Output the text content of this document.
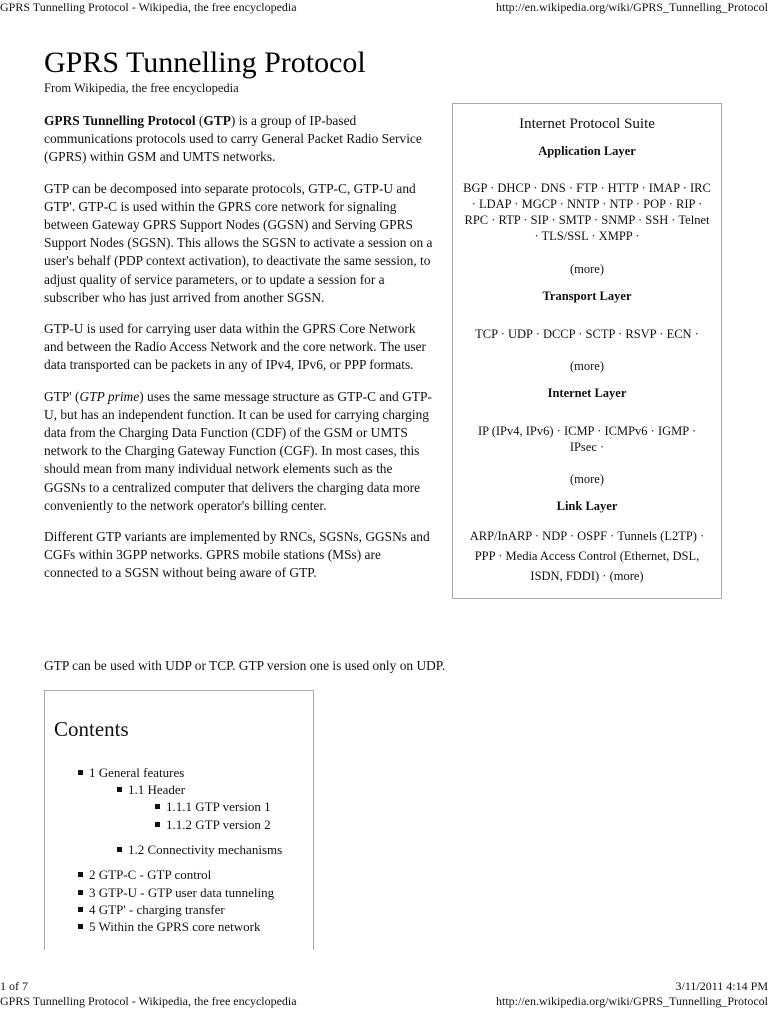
GPRS Tunnelling Protocol - Wikipedia, the free encyclopedia	http://en.wikipedia.org/wiki/GPRS_Tunnelling_Protocol
GPRS Tunnelling Protocol
From Wikipedia, the free encyclopedia

GPRS Tunnelling Protocol (GTP) is a group of IP-based communications protocols used to carry General Packet Radio Service (GPRS) within GSM and UMTS networks.

GTP can be decomposed into separate protocols, GTP-C, GTP-U and GTP'. GTP-C is used within the GPRS core network for signaling between Gateway GPRS Support Nodes (GGSN) and Serving GPRS Support Nodes (SGSN). This allows the SGSN to activate a session on a user's behalf (PDP context activation), to deactivate the same session, to adjust quality of service parameters, or to update a session for a subscriber who has just arrived from another SGSN.

GTP-U is used for carrying user data within the GPRS Core Network and between the Radio Access Network and the core network. The user data transported can be packets in any of IPv4, IPv6, or PPP formats.

GTP' (GTP prime) uses the same message structure as GTP-C and GTP-U, but has an independent function. It can be used for carrying charging data from the Charging Data Function (CDF) of the GSM or UMTS network to the Charging Gateway Function (CGF). In most cases, this should mean from many individual network elements such as the GGSNs to a centralized computer that delivers the charging data more conveniently to the network operator's billing center.

Different GTP variants are implemented by RNCs, SGSNs, GGSNs and CGFs within 3GPP networks. GPRS mobile stations (MSs) are connected to a SGSN without being aware of GTP.

GTP can be used with UDP or TCP. GTP version one is used only on UDP.
Internet Protocol Suite
Application Layer
BGP · DHCP · DNS · FTP · HTTP · IMAP · IRC · LDAP · MGCP · NNTP · NTP · POP · RIP · RPC · RTP · SIP · SMTP · SNMP · SSH · Telnet · TLS/SSL · XMPP ·
(more)
Transport Layer
TCP · UDP · DCCP · SCTP · RSVP · ECN ·
(more)
Internet Layer
IP (IPv4, IPv6) · ICMP · ICMPv6 · IGMP · IPsec ·
(more)
Link Layer
ARP/InARP · NDP · OSPF · Tunnels (L2TP) · PPP · Media Access Control (Ethernet, DSL, ISDN, FDDI) · (more)
Contents
1 General features
1.1 Header
1.1.1 GTP version 1
1.1.2 GTP version 2
1.2 Connectivity mechanisms
2 GTP-C - GTP control
3 GTP-U - GTP user data tunneling
4 GTP' - charging transfer
5 Within the GPRS core network
1 of 7	3/11/2011 4:14 PM
GPRS Tunnelling Protocol - Wikipedia, the free encyclopedia	http://en.wikipedia.org/wiki/GPRS_Tunnelling_Protocol
